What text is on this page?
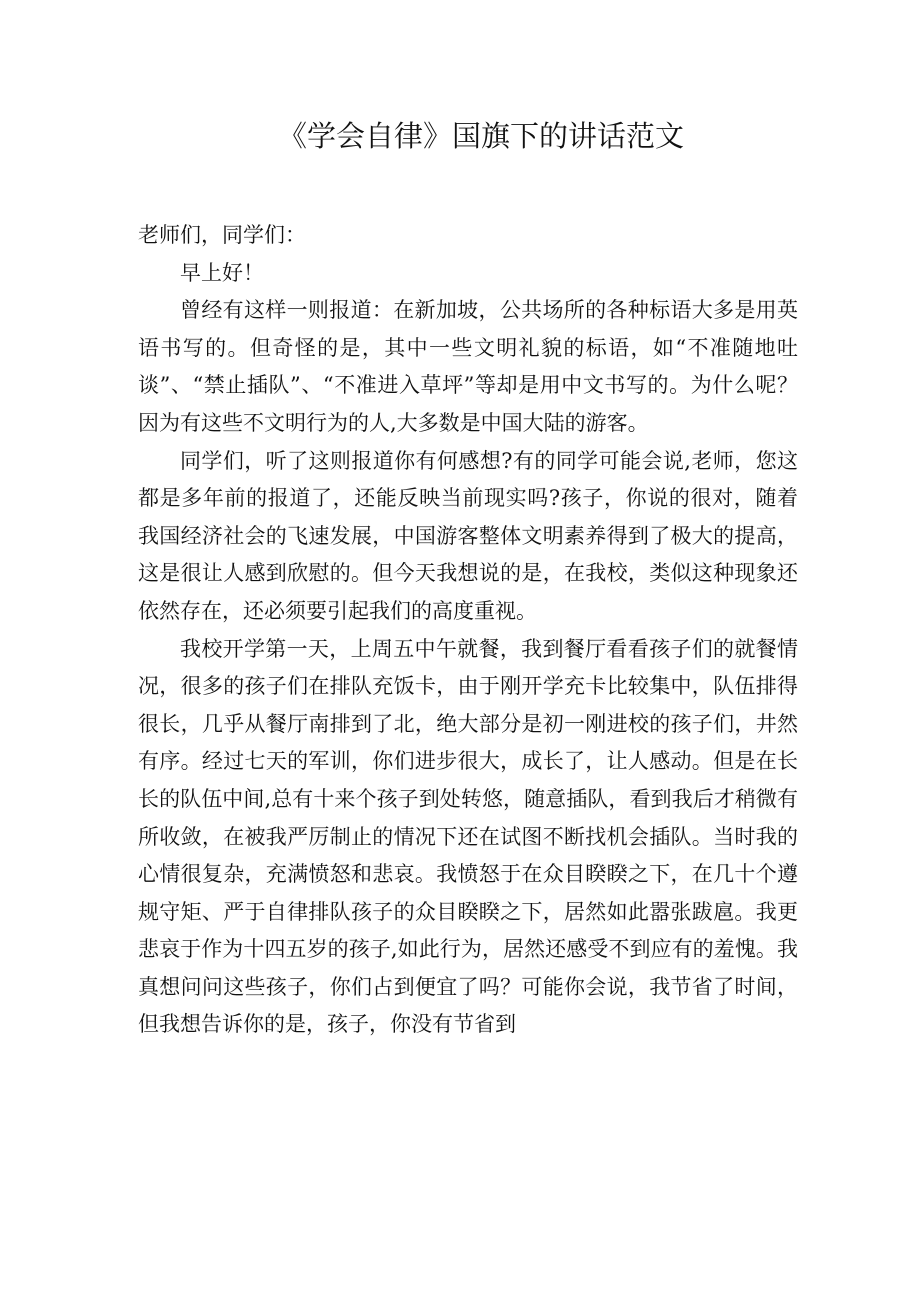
《学会自律》国旗下的讲话范文

老师们，同学们：

早上好！

曾经有这样一则报道：在新加坡，公共场所的各种标语大多是用英语书写的。但奇怪的是，其中一些文明礼貌的标语，如“不准随地吐谈”、“禁止插队”、“不准进入草坪”等却是用中文书写的。为什么呢？因为有这些不文明行为的人,大多数是中国大陆的游客。

同学们，听了这则报道你有何感想?有的同学可能会说,老师，您这都是多年前的报道了，还能反映当前现实吗?孩子，你说的很对，随着我国经济社会的飞速发展，中国游客整体文明素养得到了极大的提高，这是很让人感到欣慰的。但今天我想说的是，在我校，类似这种现象还依然存在，还必须要引起我们的高度重视。

我校开学第一天，上周五中午就餐，我到餐厅看看孩子们的就餐情况，很多的孩子们在排队充饭卡，由于刚开学充卡比较集中，队伍排得很长，几乎从餐厅南排到了北，绝大部分是初一刚进校的孩子们，井然有序。经过七天的军训，你们进步很大，成长了，让人感动。但是在长长的队伍中间,总有十来个孩子到处转悠，随意插队，看到我后才稍微有所收敛，在被我严厉制止的情况下还在试图不断找机会插队。当时我的心情很复杂，充满愤怒和悲哀。我愤怒于在众目睽睽之下，在几十个遵规守矩、严于自律排队孩子的众目睽睽之下，居然如此嚣张跋扈。我更悲哀于作为十四五岁的孩子,如此行为，居然还感受不到应有的羞愧。我真想问问这些孩子，你们占到便宜了吗？可能你会说，我节省了时间，但我想告诉你的是，孩子，你没有节省到
